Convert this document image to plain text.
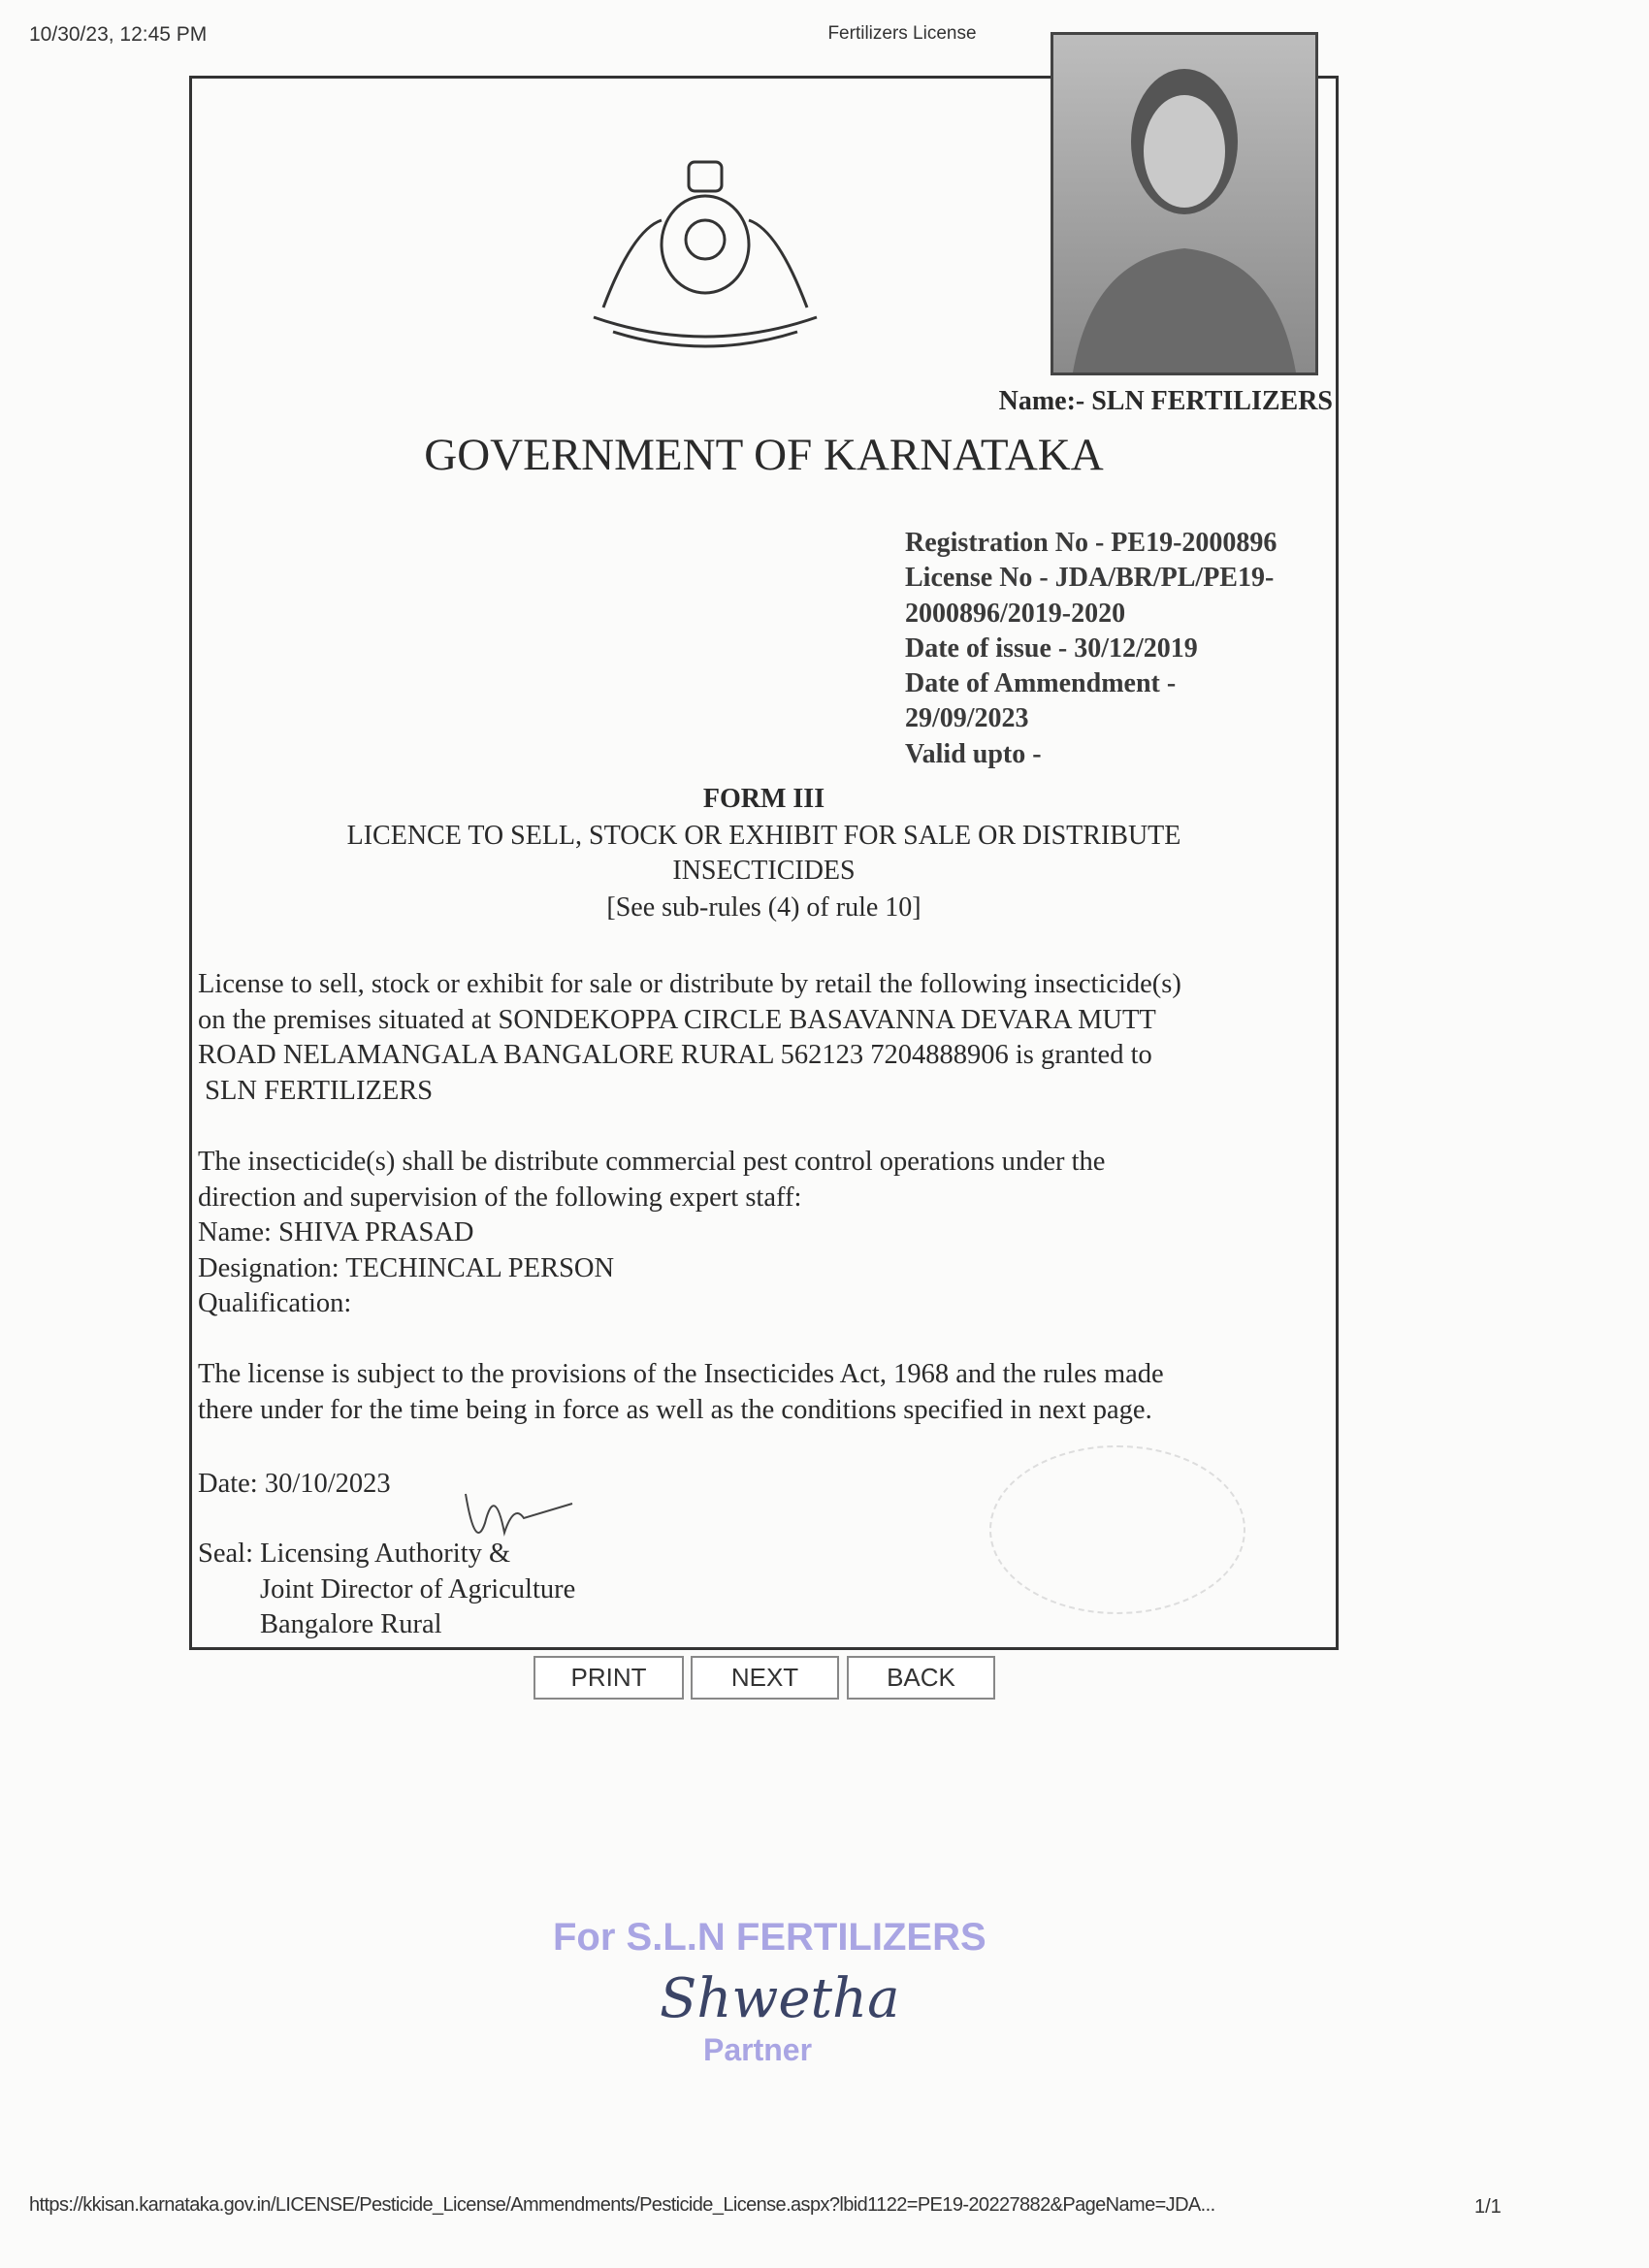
10/30/23, 12:45 PM	Fertilizers License
Name:- SLN FERTILIZERS
GOVERNMENT OF KARNATAKA
Registration No - PE19-2000896
License No - JDA/BR/PL/PE19-
2000896/2019-2020
Date of issue - 30/12/2019
Date of Ammendment -
29/09/2023
Valid upto -
FORM III
LICENCE TO SELL, STOCK OR EXHIBIT FOR SALE OR DISTRIBUTE
INSECTICIDES
[See sub-rules (4) of rule 10]
License to sell, stock or exhibit for sale or distribute by retail the following insecticide(s)
on the premises situated at SONDEKOPPA CIRCLE BASAVANNA DEVARA MUTT
ROAD NELAMANGALA BANGALORE RURAL 562123 7204888906 is granted to
SLN FERTILIZERS
The insecticide(s) shall be distribute commercial pest control operations under the
direction and supervision of the following expert staff:
Name: SHIVA PRASAD
Designation: TECHINCAL PERSON
Qualification:
The license is subject to the provisions of the Insecticides Act, 1968 and the rules made
there under for the time being in force as well as the conditions specified in next page.
Date: 30/10/2023
Seal: Licensing Authority &
Joint Director of Agriculture
Bangalore Rural
PRINT	NEXT	BACK
For S.L.N FERTILIZERS
Shwetha
Partner
https://kkisan.karnataka.gov.in/LICENSE/Pesticide_License/Ammendments/Pesticide_License.aspx?lbid1122=PE19-20227882&PageName=JDA...	1/1
